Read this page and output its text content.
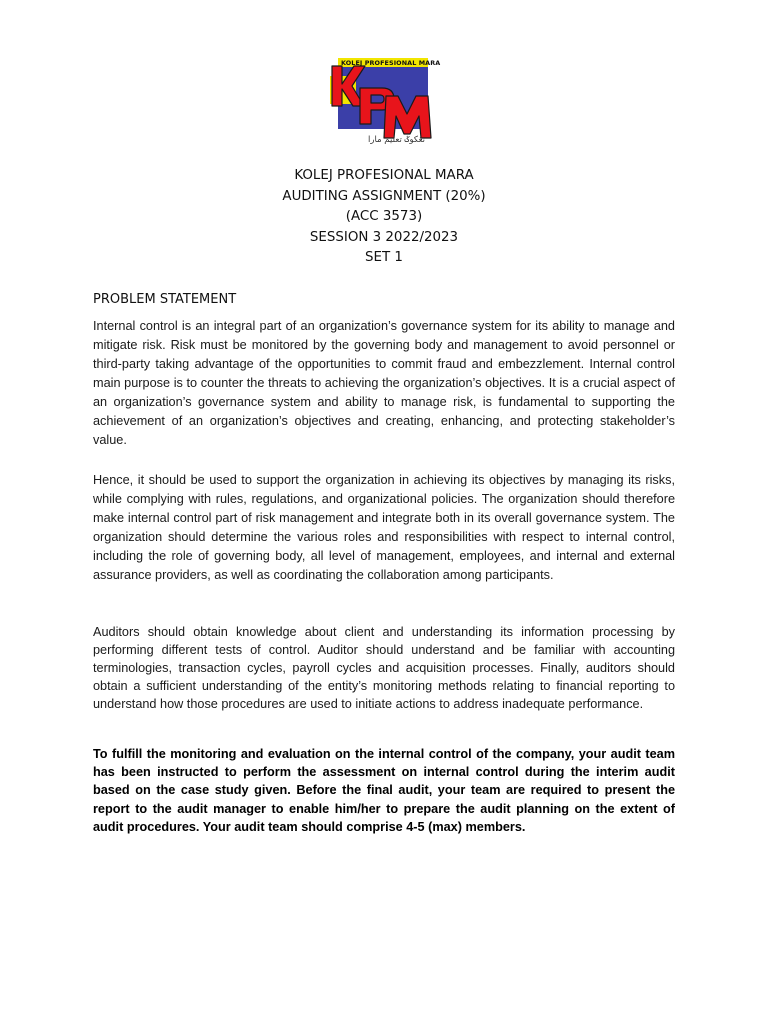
KOLEJ PROFESIONAL MARA
تڠكوݢ تعليم مارا
KOLEJ PROFESIONAL MARA
AUDITING ASSIGNMENT (20%)
(ACC 3573)
SESSION 3 2022/2023
SET 1
PROBLEM STATEMENT

Internal control is an integral part of an organization’s governance system for its ability to manage and mitigate risk. Risk must be monitored by the governing body and management to avoid personnel or third-party taking advantage of the opportunities to commit fraud and embezzlement. Internal control main purpose is to counter the threats to achieving the organization’s objectives. It is a crucial aspect of an organization’s governance system and ability to manage risk, is fundamental to supporting the achievement of an organization’s objectives and creating, enhancing, and protecting stakeholder’s value.

Hence, it should be used to support the organization in achieving its objectives by managing its risks, while complying with rules, regulations, and organizational policies. The organization should therefore make internal control part of risk management and integrate both in its overall governance system. The organization should determine the various roles and responsibilities with respect to internal control, including the role of governing body, all level of management, employees, and internal and external assurance providers, as well as coordinating the collaboration among participants.

Auditors should obtain knowledge about client and understanding its information processing by performing different tests of control. Auditor should understand and be familiar with accounting terminologies, transaction cycles, payroll cycles and acquisition processes. Finally, auditors should obtain a sufficient understanding of the entity’s monitoring methods relating to financial reporting to understand how those procedures are used to initiate actions to address inadequate performance.

To fulfill the monitoring and evaluation on the internal control of the company, your audit team has been instructed to perform the assessment on internal control during the interim audit based on the case study given. Before the final audit, your team are required to present the report to the audit manager to enable him/her to prepare the audit planning on the extent of audit procedures. Your audit team should comprise 4-5 (max) members.
